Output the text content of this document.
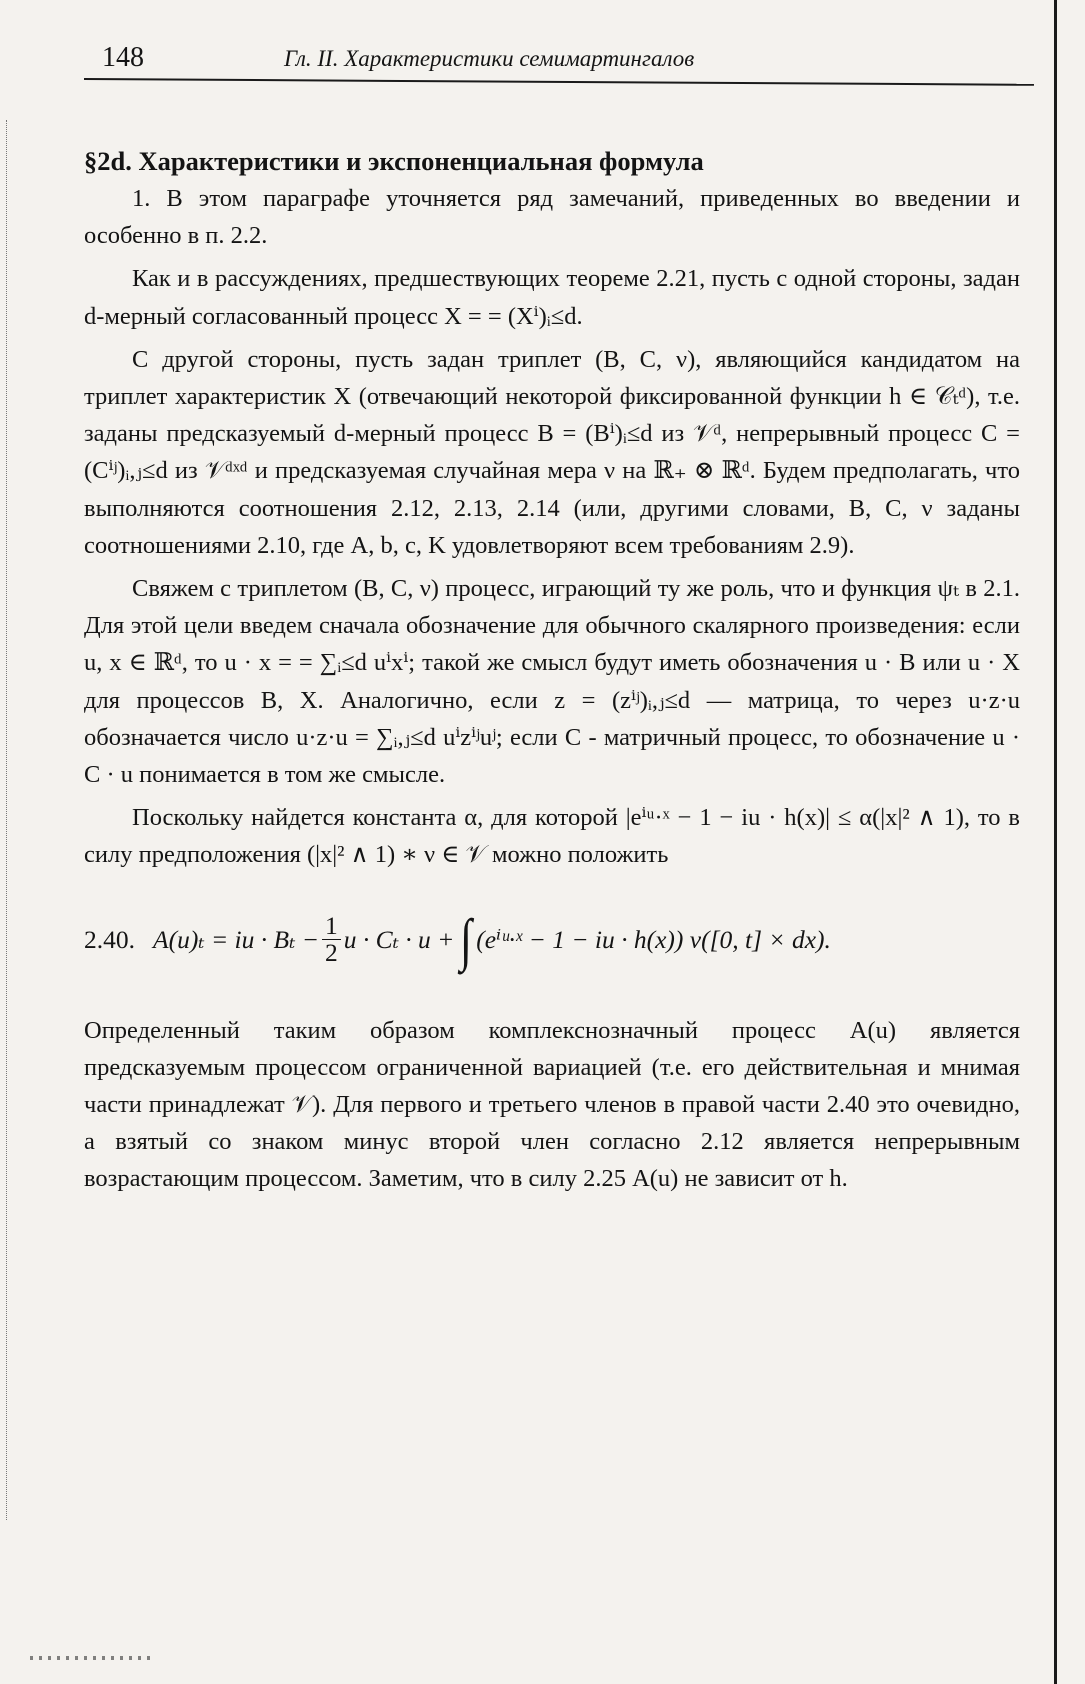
148	Гл. II. Характеристики семимартингалов
§2d. Характеристики и экспоненциальная формула

1. В этом параграфе уточняется ряд замечаний, приведенных во введении и особенно в п. 2.2.

Как и в рассуждениях, предшествующих теореме 2.21, пусть с одной стороны, задан d-мерный согласованный процесс X = = (Xⁱ)ᵢ≤d.

С другой стороны, пусть задан триплет (B, C, ν), являющийся кандидатом на триплет характеристик X (отвечающий некоторой фиксированной функции h ∈ 𝒞ₜᵈ), т.е. заданы предсказуемый d-мерный процесс B = (Bⁱ)ᵢ≤d из 𝒱ᵈ, непрерывный процесс C = (Cⁱʲ)ᵢ,ⱼ≤d из 𝒱ᵈˣᵈ и предсказуемая случайная мера ν на ℝ₊ ⊗ ℝᵈ. Будем предполагать, что выполняются соотношения 2.12, 2.13, 2.14 (или, другими словами, B, C, ν заданы соотношениями 2.10, где A, b, c, K удовлетворяют всем требованиям 2.9).

Свяжем с триплетом (B, C, ν) процесс, играющий ту же роль, что и функция ψₜ в 2.1. Для этой цели введем сначала обозначение для обычного скалярного произведения: если u, x ∈ ℝᵈ, то u · x = = ∑ᵢ≤d uⁱxⁱ; такой же смысл будут иметь обозначения u · B или u · X для процессов B, X. Аналогично, если z = (zⁱʲ)ᵢ,ⱼ≤d — матрица, то через u·z·u обозначается число u·z·u = ∑ᵢ,ⱼ≤d uⁱzⁱʲuʲ; если C - матричный процесс, то обозначение u · C · u понимается в том же смысле.

Поскольку найдется константа α, для которой |eⁱᵘ·ˣ − 1 − iu · h(x)| ≤ α(|x|² ∧ 1), то в силу предположения (|x|² ∧ 1) ∗ ν ∈ 𝒱 можно положить

2.40. A(u)ₜ = iu · $B_t - \frac{1}{2}$ u · Cₜ · u + ∫ (eⁱᵘ·ˣ − 1 − iu · h(x)) ν([0, t] × dx).

Определенный таким образом комплекснозначный процесс A(u) является предсказуемым процессом ограниченной вариацией (т.е. его действительная и мнимая части принадлежат 𝒱). Для первого и третьего членов в правой части 2.40 это очевидно, а взятый со знаком минус второй член согласно 2.12 является непрерывным возрастающим процессом. Заметим, что в силу 2.25 A(u) не зависит от h.
